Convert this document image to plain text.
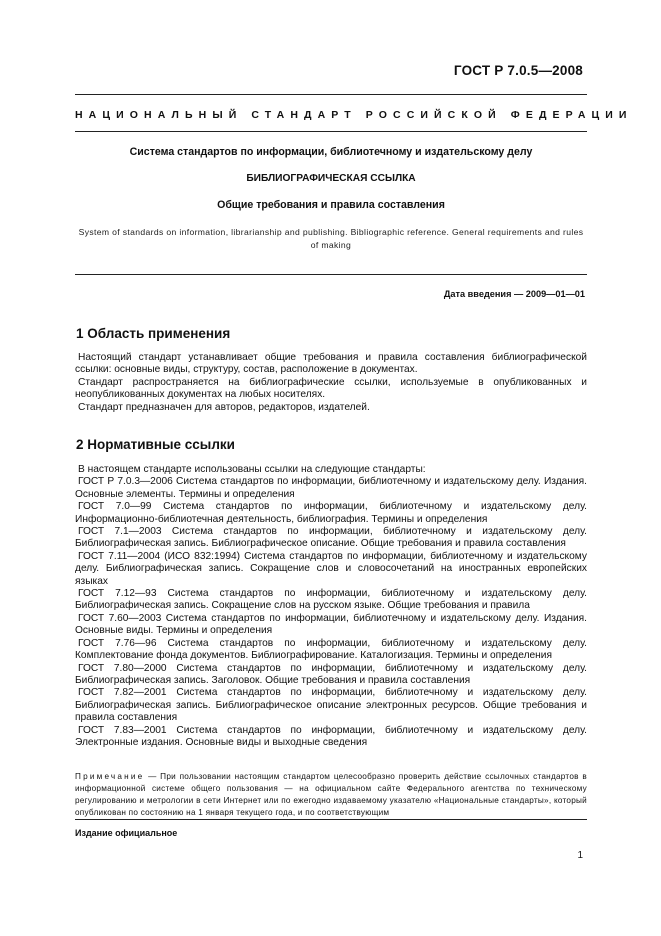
ГОСТ Р 7.0.5—2008
НАЦИОНАЛЬНЫЙ СТАНДАРТ РОССИЙСКОЙ ФЕДЕРАЦИИ
Система стандартов по информации, библиотечному и издательскому делу
БИБЛИОГРАФИЧЕСКАЯ ССЫЛКА
Общие требования и правила составления
System of standards on information, librarianship and publishing. Bibliographic reference. General requirements and rules of making
Дата введения — 2009—01—01
1 Область применения

Настоящий стандарт устанавливает общие требования и правила составления библиографической ссылки: основные виды, структуру, состав, расположение в документах.

Стандарт распространяется на библиографические ссылки, используемые в опубликованных и неопубликованных документах на любых носителях.

Стандарт предназначен для авторов, редакторов, издателей.

2 Нормативные ссылки

В настоящем стандарте использованы ссылки на следующие стандарты:

ГОСТ Р 7.0.3—2006 Система стандартов по информации, библиотечному и издательскому делу. Издания. Основные элементы. Термины и определения

ГОСТ 7.0—99 Система стандартов по информации, библиотечному и издательскому делу. Информационно-библиотечная деятельность, библиография. Термины и определения

ГОСТ 7.1—2003 Система стандартов по информации, библиотечному и издательскому делу. Библиографическая запись. Библиографическое описание. Общие требования и правила составления

ГОСТ 7.11—2004 (ИСО 832:1994) Система стандартов по информации, библиотечному и издательскому делу. Библиографическая запись. Сокращение слов и словосочетаний на иностранных европейских языках

ГОСТ 7.12—93 Система стандартов по информации, библиотечному и издательскому делу. Библиографическая запись. Сокращение слов на русском языке. Общие требования и правила

ГОСТ 7.60—2003 Система стандартов по информации, библиотечному и издательскому делу. Издания. Основные виды. Термины и определения

ГОСТ 7.76—96 Система стандартов по информации, библиотечному и издательскому делу. Комплектование фонда документов. Библиографирование. Каталогизация. Термины и определения

ГОСТ 7.80—2000 Система стандартов по информации, библиотечному и издательскому делу. Библиографическая запись. Заголовок. Общие требования и правила составления

ГОСТ 7.82—2001 Система стандартов по информации, библиотечному и издательскому делу. Библиографическая запись. Библиографическое описание электронных ресурсов. Общие требования и правила составления

ГОСТ 7.83—2001 Система стандартов по информации, библиотечному и издательскому делу. Электронные издания. Основные виды и выходные сведения

Примечание — При пользовании настоящим стандартом целесообразно проверить действие ссылочных стандартов в информационной системе общего пользования — на официальном сайте Федерального агентства по техническому регулированию и метрологии в сети Интернет или по ежегодно издаваемому указателю «Национальные стандарты», который опубликован по состоянию на 1 января текущего года, и по соответствующим
Издание официальное
1
